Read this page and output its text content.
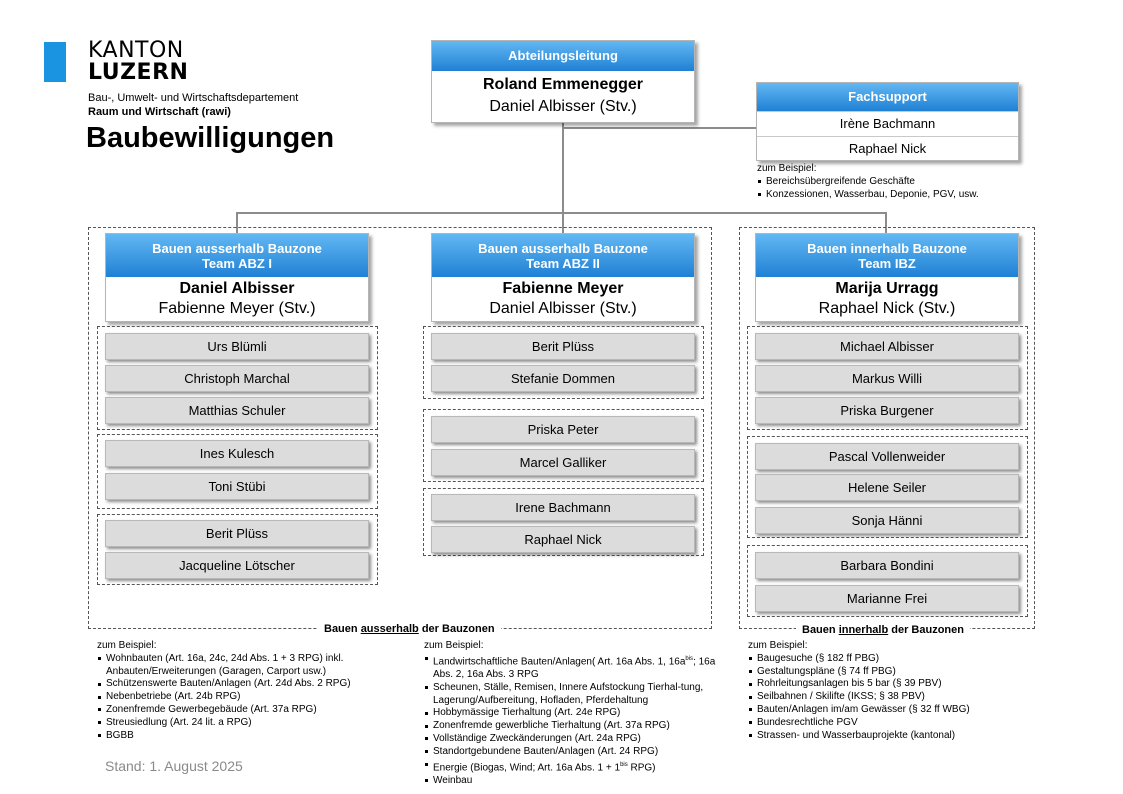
KANTON
LUZERN
Bau-, Umwelt- und Wirtschaftsdepartement
Raum und Wirtschaft (rawi)
Baubewilligungen
Abteilungsleitung
Roland Emmenegger
Daniel Albisser (Stv.)
Fachsupport
Irène Bachmann
Raphael Nick
zum Beispiel:
Bereichsübergreifende Geschäfte
Konzessionen, Wasserbau, Deponie, PGV, usw.
Bauen ausserhalb Bauzone
Team ABZ I
Daniel Albisser
Fabienne Meyer (Stv.)
Urs Blümli
Christoph Marchal
Matthias Schuler
Ines Kulesch
Toni Stübi
Berit Plüss
Jacqueline Lötscher
Bauen ausserhalb Bauzone
Team ABZ II
Fabienne Meyer
Daniel Albisser (Stv.)
Berit Plüss
Stefanie Dommen
Priska Peter
Marcel Galliker
Irene Bachmann
Raphael Nick
Bauen innerhalb Bauzone
Team IBZ
Marija Urragg
Raphael Nick (Stv.)
Michael Albisser
Markus Willi
Priska Burgener
Pascal Vollenweider
Helene Seiler
Sonja Hänni
Barbara Bondini
Marianne Frei
Bauen ausserhalb der Bauzonen	Bauen innerhalb der Bauzonen
zum Beispiel:
Wohnbauten (Art. 16a, 24c, 24d Abs. 1 + 3 RPG) inkl. Anbauten/Erweiterungen (Garagen, Carport usw.)
Schützenswerte Bauten/Anlagen (Art. 24d Abs. 2 RPG)
Nebenbetriebe (Art. 24b RPG)
Zonenfremde Gewerbegebäude (Art. 37a RPG)
Streusiedlung (Art. 24 lit. a RPG)
BGBB
zum Beispiel:
Landwirtschaftliche Bauten/Anlagen( Art. 16a Abs. 1, $16a^{bis}$; 16a Abs. 2, 16a Abs. 3 RPG
Scheunen, Ställe, Remisen, Innere Aufstockung Tierhal-tung, Lagerung/Aufbereitung, Hofladen, Pferdehaltung
Hobbymässige Tierhaltung (Art. 24e RPG)
Zonenfremde gewerbliche Tierhaltung (Art. 37a RPG)
Vollständige Zweckänderungen (Art. 24a RPG)
Standortgebundene Bauten/Anlagen (Art. 24 RPG)
Energie (Biogas, Wind; Art. 16a Abs. $1 + 1^{bis}$ RPG)
Weinbau
zum Beispiel:
Baugesuche (§ 182 ff PBG)
Gestaltungspläne (§ 74 ff PBG)
Rohrleitungsanlagen bis 5 bar (§ 39 PBV)
Seilbahnen / Skilifte (IKSS; § 38 PBV)
Bauten/Anlagen im/am Gewässer (§ 32 ff WBG)
Bundesrechtliche PGV
Strassen- und Wasserbauprojekte (kantonal)
Stand: 1. August 2025
